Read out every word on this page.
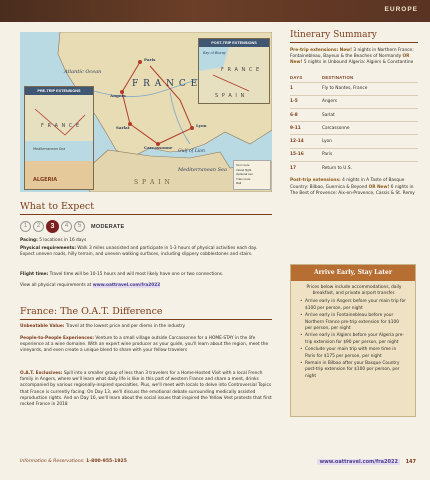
EUROPE
Atlantic Ocean
F R A N C E
S P A I N
Mediterranean Sea
Gulf of Lion
Paris
Angers
Sarlat
Carcassonne
Lyon
PRE-TRIP EXTENSIONS
F R A N C E
Mediterranean Sea
ALGERIA
POST-TRIP EXTENSIONS
Bay of Biscay
F R A N C E
S P A I N
Tour route
Inland flight
Optional tour
Train route
Rail
What to Expect
1	2	3	4	5	MODERATE
Pacing: 5 locations in 16 days
Physical requirements: Walk 3 miles unassisted and participate in 1-3 hours of physical activities each day. Expect uneven roads, hilly terrain, and uneven walking surfaces, including slippery cobblestones and stairs.
Flight time: Travel time will be 10-15 hours and will most likely have one or two connections.
View all physical requirements at www.oattravel.com/fra2022
France: The O.A.T. Difference
Unbeatable Value: Travel at the lowest price and per diems in the industry
People-to-People Experiences: Venture to a small village outside Carcassonne for a HOME-STAY in the life experience at a wine domaine. With an expert wine producer as your guide, you'll learn about the region, meet the vineyards, and even create a unique blend to share with your fellow travelers
O.A.T. Exclusives: Spill into a smaller group of less than 3 travelers for a Home-Hosted Visit with a local French family in Angers, where we'll learn what daily life is like in this part of western France and share a ment, drinks accompanied by various regionally-inspired specialties. Plus, we'll meet with locals to delve into Controversial Topics that France is currently facing: On Day 13, we'll discuss the emotional debate surrounding medically assisted reproduction rights. And on Day 16, we'll learn about the social issues that inspired the Yellow Vest protests that first rocked France in 2018
Itinerary Summary
Pre-trip extensions: New! 3 nights in Northern France: Fontainebleau, Bayeux & the Beaches of Normandy OR New! 5 nights in Unbound Algeria: Algiers & Constantine
DAYS	DESTINATION
1	Fly to Nantes, France
1-5	Angers
6-8	Sarlat
9-11	Carcassonne
12-14	Lyon
15-16	Paris
17	Return to U.S.
Post-trip extensions: 4 nights in A Taste of Basque Country: Bilbao, Guernica & Beyond OR New! 6 nights in The Best of Provence: Aix-en-Provence, Cassis & St. Remy
Arrive Early, Stay Later
Prices below include accommodations, daily breakfast, and private airport transfer.
• Arrive early in Angers before your main trip for $100 per person, per night
• Arrive early in Fontainebleau before your Northern France pre-trip extension for $100 per person, per night
• Arrive early in Algiers before your Algeria pre-trip extension for $90 per person, per night
• Conclude your main trip with more time in Paris for $175 per person, per night
• Remain in Bilbao after your Basque Country post-trip extension for $100 per person, per night
Information & Reservations: 1-800-955-1925	www.oattravel.com/fra2022 147
